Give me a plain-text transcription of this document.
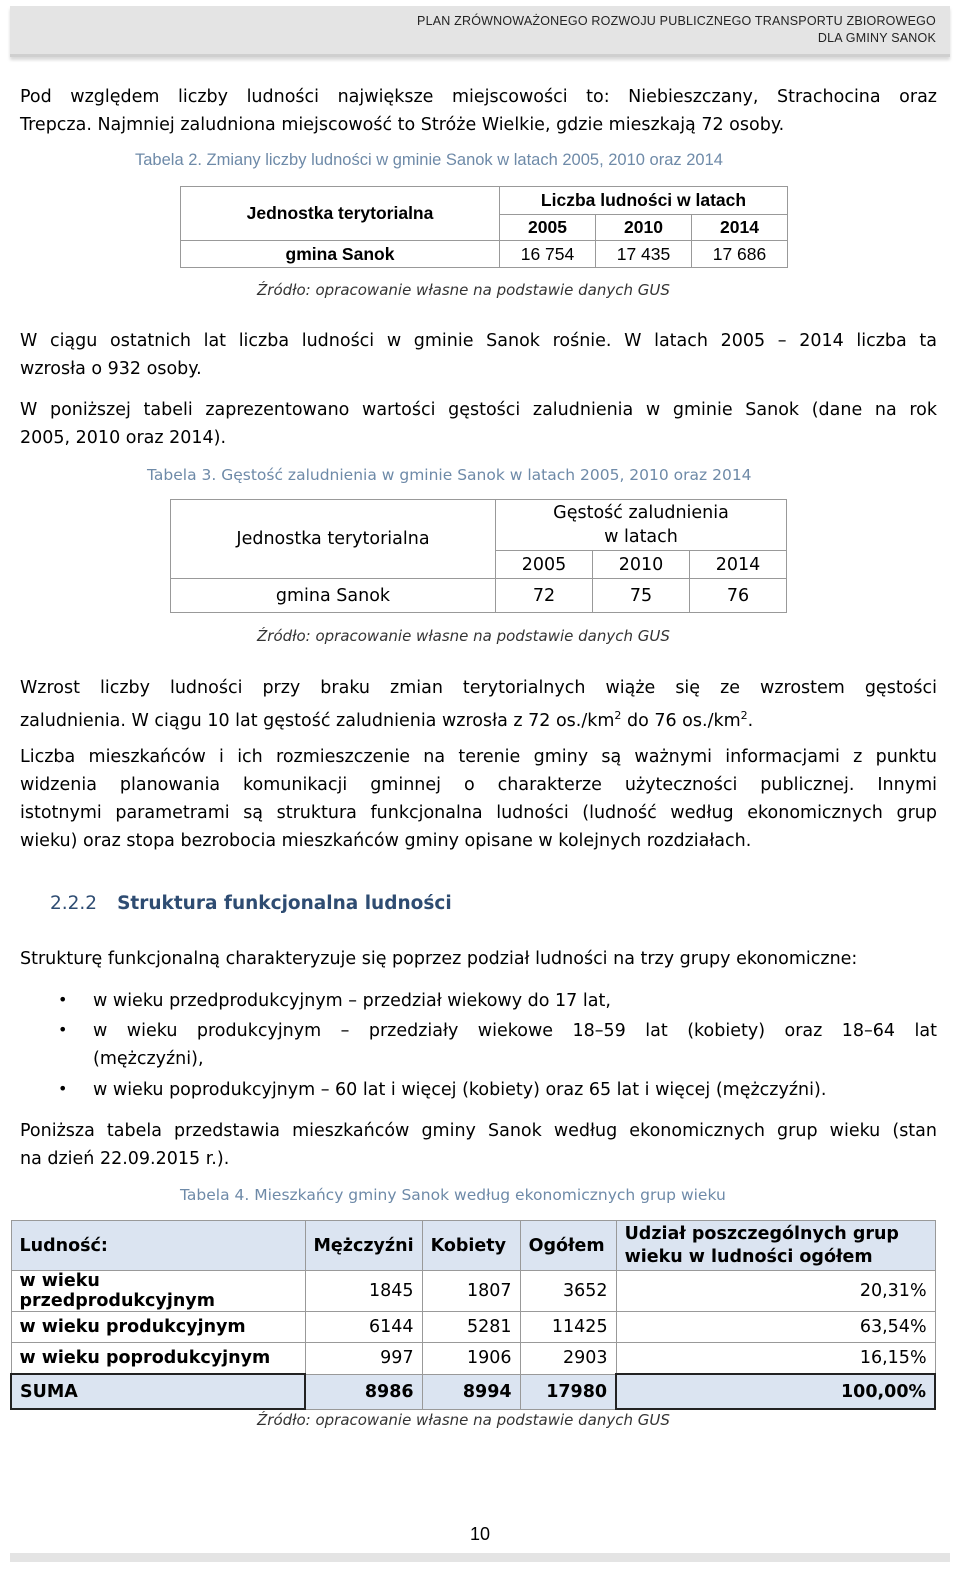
PLAN ZRÓWNOWAŻONEGO ROZWOJU PUBLICZNEGO TRANSPORTU ZBIOROWEGO
DLA GMINY SANOK
Pod względem liczby ludności największe miejscowości to: Niebieszczany, Strachocina oraz
Trepcza. Najmniej zaludniona miejscowość to Stróże Wielkie, gdzie mieszkają 72 osoby.
Tabela 2. Zmiany liczby ludności w gminie Sanok w latach 2005, 2010 oraz 2014
Jednostka terytorialna	Liczba ludności w latach		
	2005	2010	2014
gmina Sanok	16 754	17 435	17 686
Źródło: opracowanie własne na podstawie danych GUS
W ciągu ostatnich lat liczba ludności w gminie Sanok rośnie. W latach 2005 – 2014 liczba ta
wzrosła o 932 osoby.
W poniższej tabeli zaprezentowano wartości gęstości zaludnienia w gminie Sanok (dane na rok
2005, 2010 oraz 2014).
Tabela 3. Gęstość zaludnienia w gminie Sanok w latach 2005, 2010 oraz 2014
Jednostka terytorialna	Gęstość zaludnienia
w latach		

	2005	2010	2014
gmina Sanok	72	75	76
Źródło: opracowanie własne na podstawie danych GUS
Wzrost liczby ludności przy braku zmian terytorialnych wiąże się ze wzrostem gęstości
zaludnienia. W ciągu 10 lat gęstość zaludnienia wzrosła z 72 $os./km^2$ do 76 $os./km^2$.
Liczba mieszkańców i ich rozmieszczenie na terenie gminy są ważnymi informacjami z punktu
widzenia planowania komunikacji gminnej o charakterze użyteczności publicznej. Innymi
istotnymi parametrami są struktura funkcjonalna ludności (ludność według ekonomicznych grup
wieku) oraz stopa bezrobocia mieszkańców gminy opisane w kolejnych rozdziałach.
2.2.2 Struktura funkcjonalna ludności
Strukturę funkcjonalną charakteryzuje się poprzez podział ludności na trzy grupy ekonomiczne:
• w wieku przedprodukcyjnym – przedział wiekowy do 17 lat,
• w wieku produkcyjnym – przedziały wiekowe 18–59 lat (kobiety) oraz 18–64 lat
(mężczyźni),
• w wieku poprodukcyjnym – 60 lat i więcej (kobiety) oraz 65 lat i więcej (mężczyźni).
Poniższa tabela przedstawia mieszkańców gminy Sanok według ekonomicznych grup wieku (stan
na dzień 22.09.2015 r.).
Tabela 4. Mieszkańcy gminy Sanok według ekonomicznych grup wieku
Ludność:	Mężczyźni	Kobiety	Ogółem	Udział poszczególnych grup
wieku w ludności ogółem

w wieku przedprodukcyjnym	1845	1807	3652	20,31%
w wieku produkcyjnym	6144	5281	11425	63,54%
w wieku poprodukcyjnym	997	1906	2903	16,15%
SUMA	8986	8994	17980	100,00%
Źródło: opracowanie własne na podstawie danych GUS
10
